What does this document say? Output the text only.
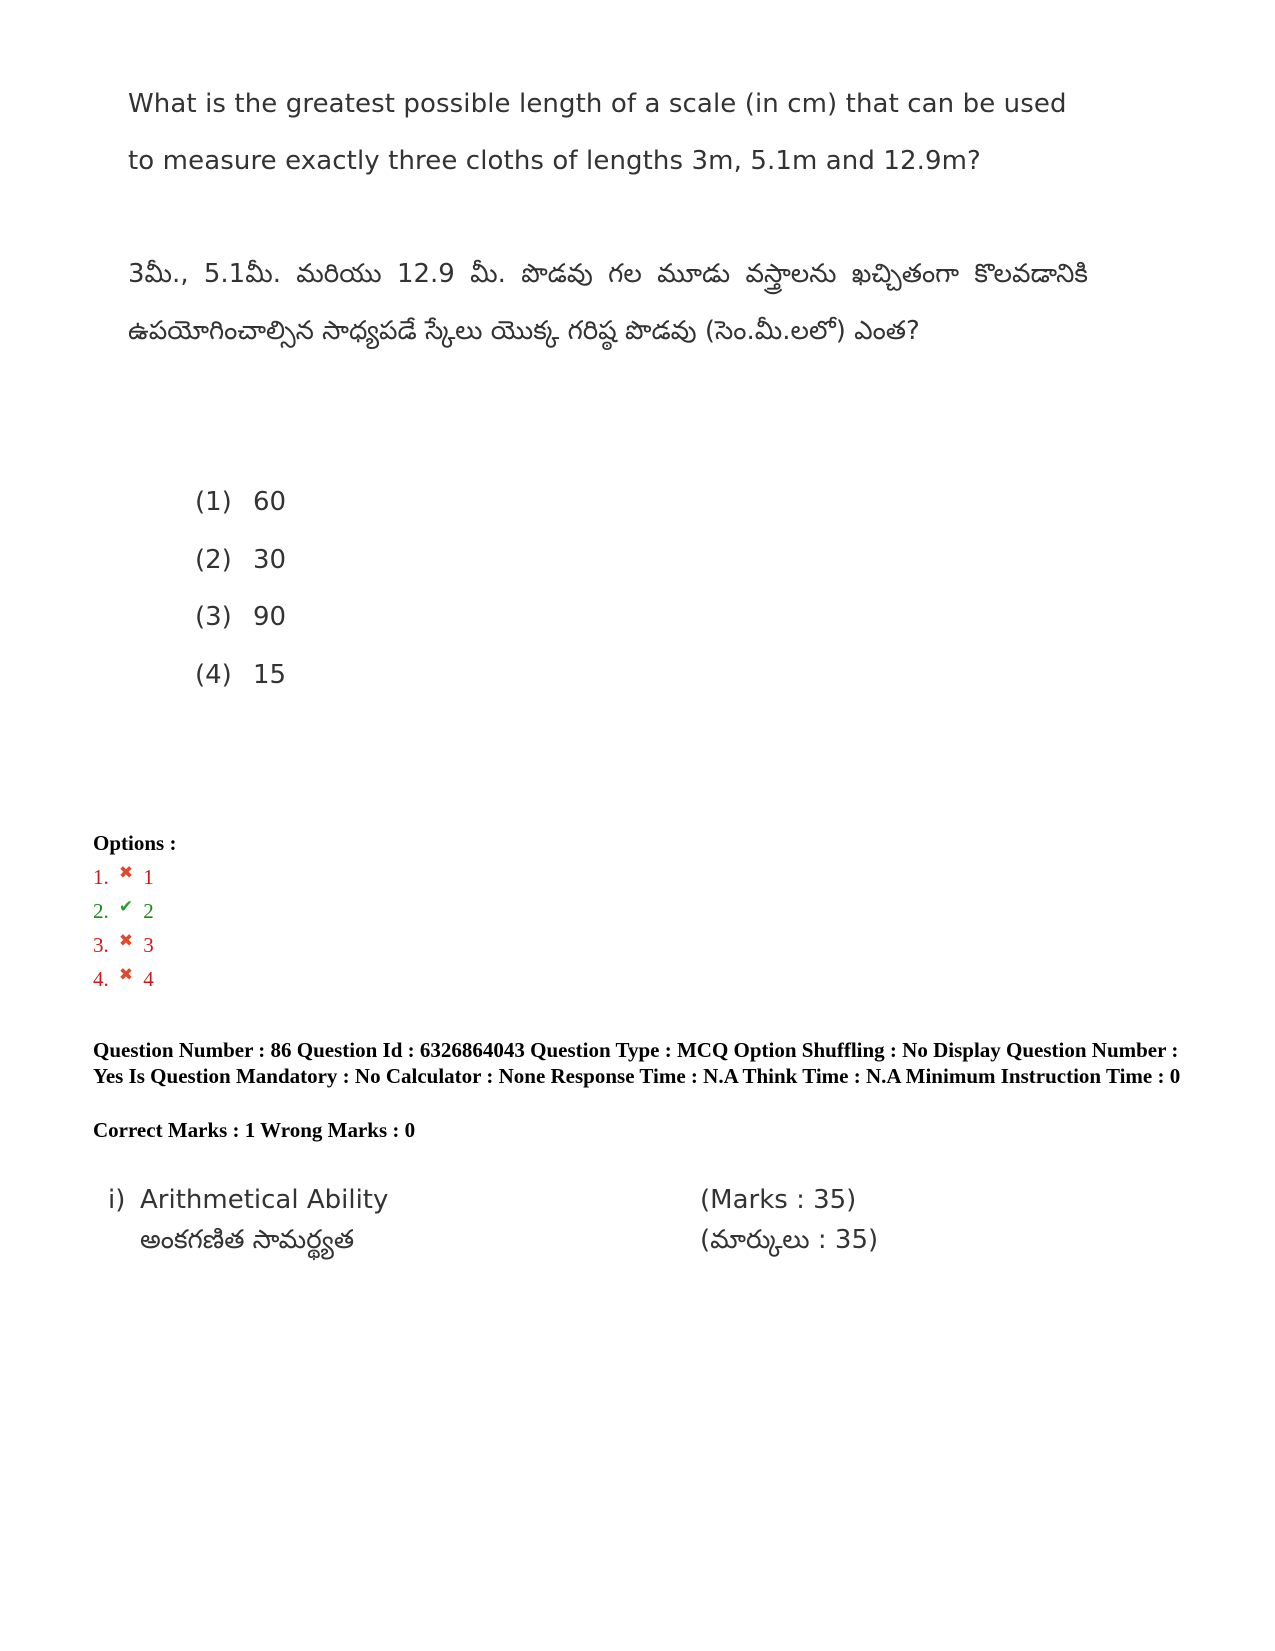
What is the greatest possible length of a scale (in cm) that can be used to measure exactly three cloths of lengths 3m, 5.1m and 12.9m?
3మీ., 5.1మీ. మరియు 12.9 మీ. పొడవు గల మూడు వస్త్రాలను ఖచ్చితంగా కొలవడానికి ఉపయోగించాల్సిన సాధ్యపడే స్కేలు యొక్క గరిష్ఠ పొడవు (సెం.మీ.లలో) ఎంత?
(1) 60
(2) 30
(3) 90
(4) 15
Options :
1. ✖ 1
2. ✔ 2
3. ✖ 3
4. ✖ 4
Question Number : 86 Question Id : 6326864043 Question Type : MCQ Option Shuffling : No Display Question Number : Yes Is Question Mandatory : No Calculator : None Response Time : N.A Think Time : N.A Minimum Instruction Time : 0
Correct Marks : 1 Wrong Marks : 0
i) Arithmetical Ability	(Marks : 35)
అంకగణిత సామర్థ్యత	(మార్కులు : 35)
